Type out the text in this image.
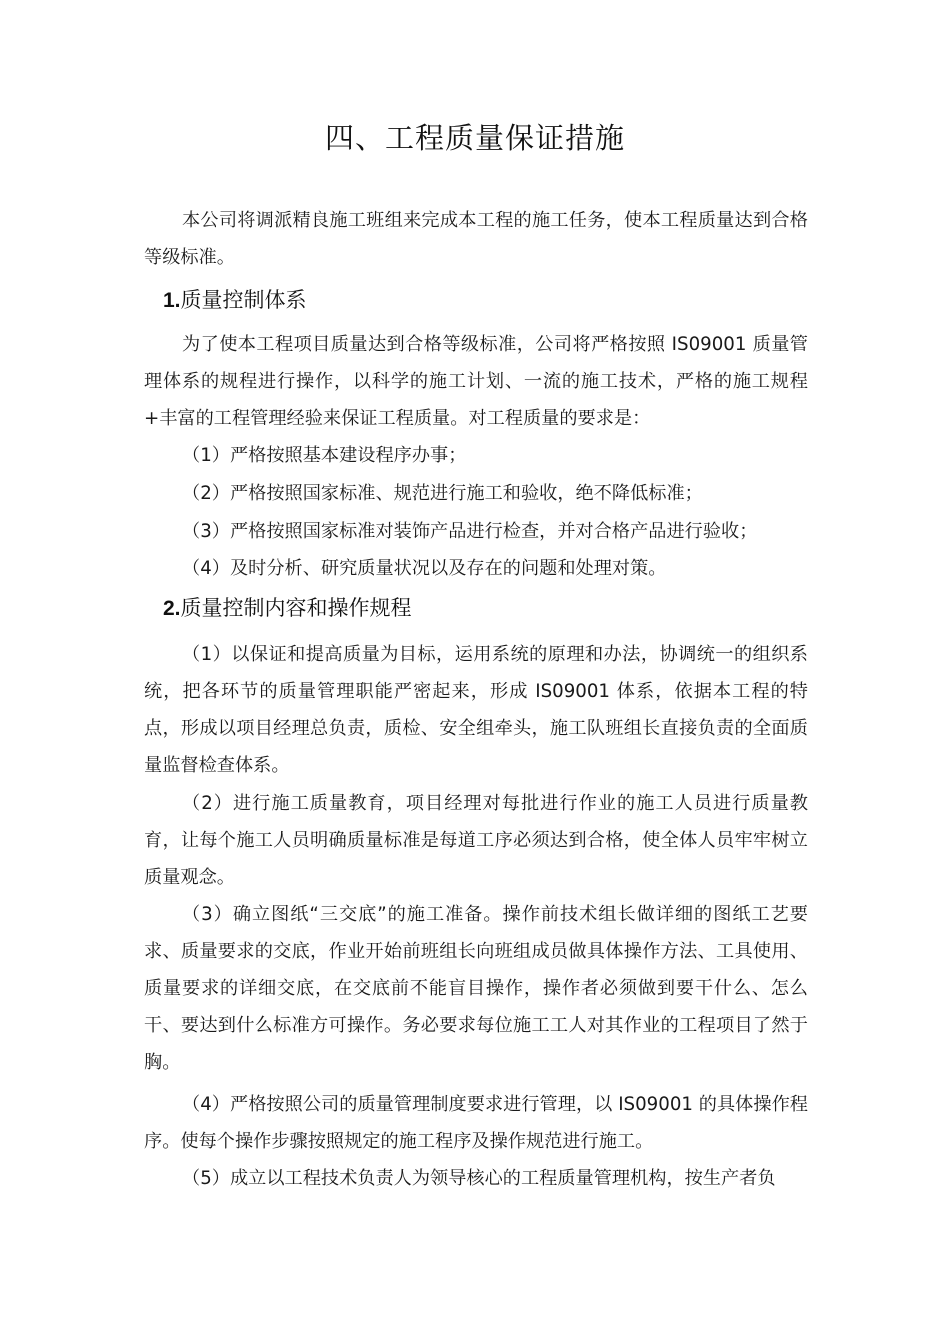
四、工程质量保证措施

本公司将调派精良施工班组来完成本工程的施工任务，使本工程质量达到合格等级标准。

1.质量控制体系

为了使本工程项目质量达到合格等级标准，公司将严格按照 IS09001 质量管理体系的规程进行操作，以科学的施工计划、一流的施工技术，严格的施工规程+丰富的工程管理经验来保证工程质量。对工程质量的要求是：

（1）严格按照基本建设程序办事；

（2）严格按照国家标准、规范进行施工和验收，绝不降低标准；

（3）严格按照国家标准对装饰产品进行检查，并对合格产品进行验收；

（4）及时分析、研究质量状况以及存在的问题和处理对策。

2.质量控制内容和操作规程

（1）以保证和提高质量为目标，运用系统的原理和办法，协调统一的组织系统，把各环节的质量管理职能严密起来，形成 IS09001 体系，依据本工程的特点，形成以项目经理总负责，质检、安全组牵头，施工队班组长直接负责的全面质量监督检查体系。

（2）进行施工质量教育，项目经理对每批进行作业的施工人员进行质量教育，让每个施工人员明确质量标准是每道工序必须达到合格，使全体人员牢牢树立质量观念。

（3）确立图纸“三交底”的施工准备。操作前技术组长做详细的图纸工艺要求、质量要求的交底，作业开始前班组长向班组成员做具体操作方法、工具使用、质量要求的详细交底，在交底前不能盲目操作，操作者必须做到要干什么、怎么干、要达到什么标准方可操作。务必要求每位施工工人对其作业的工程项目了然于胸。

（4）严格按照公司的质量管理制度要求进行管理，以 IS09001 的具体操作程序。使每个操作步骤按照规定的施工程序及操作规范进行施工。

（5）成立以工程技术负责人为领导核心的工程质量管理机构，按生产者负
